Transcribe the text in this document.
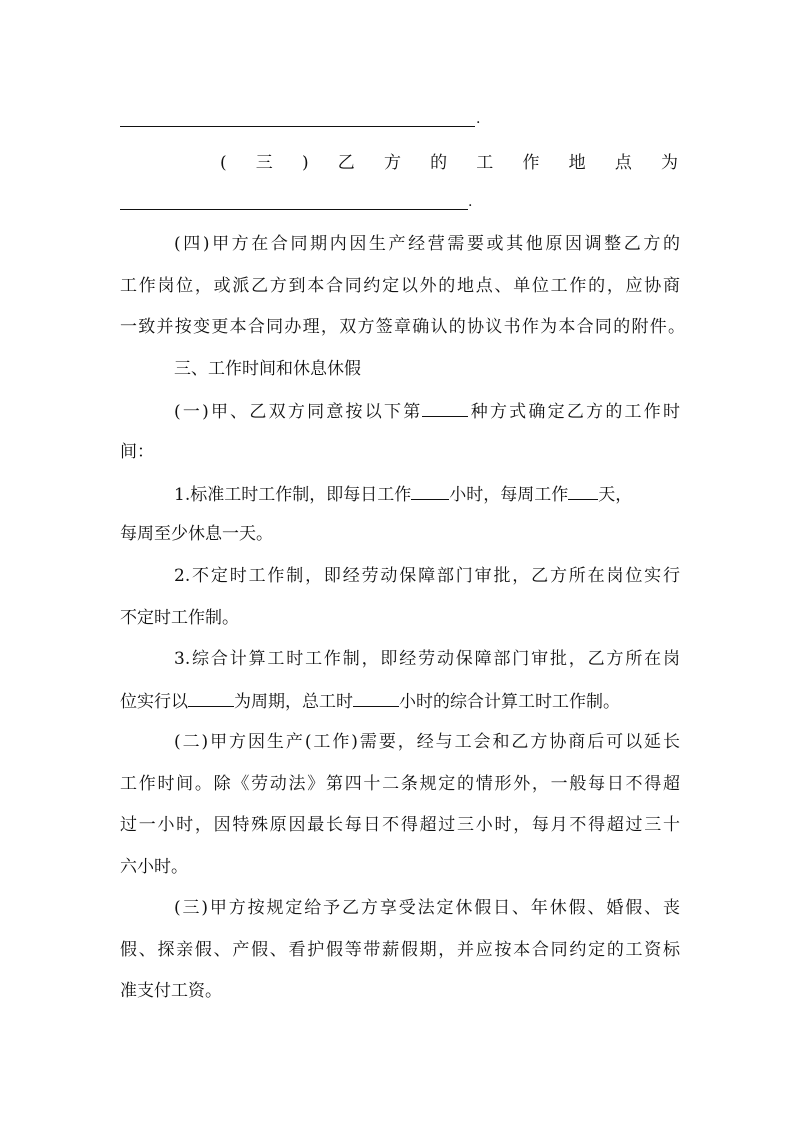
.
(三)乙方的工作地点为
.
(四)甲方在合同期内因生产经营需要或其他原因调整乙方的
工作岗位，或派乙方到本合同约定以外的地点、单位工作的，应协商
一致并按变更本合同办理，双方签章确认的协议书作为本合同的附件。
三、工作时间和休息休假
(一)甲、乙双方同意按以下第	种方式确定乙方的工作时
间：
1.标准工时工作制，即每日工作 小时，每周工作 天，
每周至少休息一天。
2.不定时工作制，即经劳动保障部门审批，乙方所在岗位实行
不定时工作制。
3.综合计算工时工作制，即经劳动保障部门审批，乙方所在岗
位实行以	为周期，总工时	小时的综合计算工时工作制。
(二)甲方因生产(工作)需要，经与工会和乙方协商后可以延长
工作时间。除《劳动法》第四十二条规定的情形外，一般每日不得超
过一小时，因特殊原因最长每日不得超过三小时，每月不得超过三十
六小时。
(三)甲方按规定给予乙方享受法定休假日、年休假、婚假、丧
假、探亲假、产假、看护假等带薪假期，并应按本合同约定的工资标
准支付工资。
